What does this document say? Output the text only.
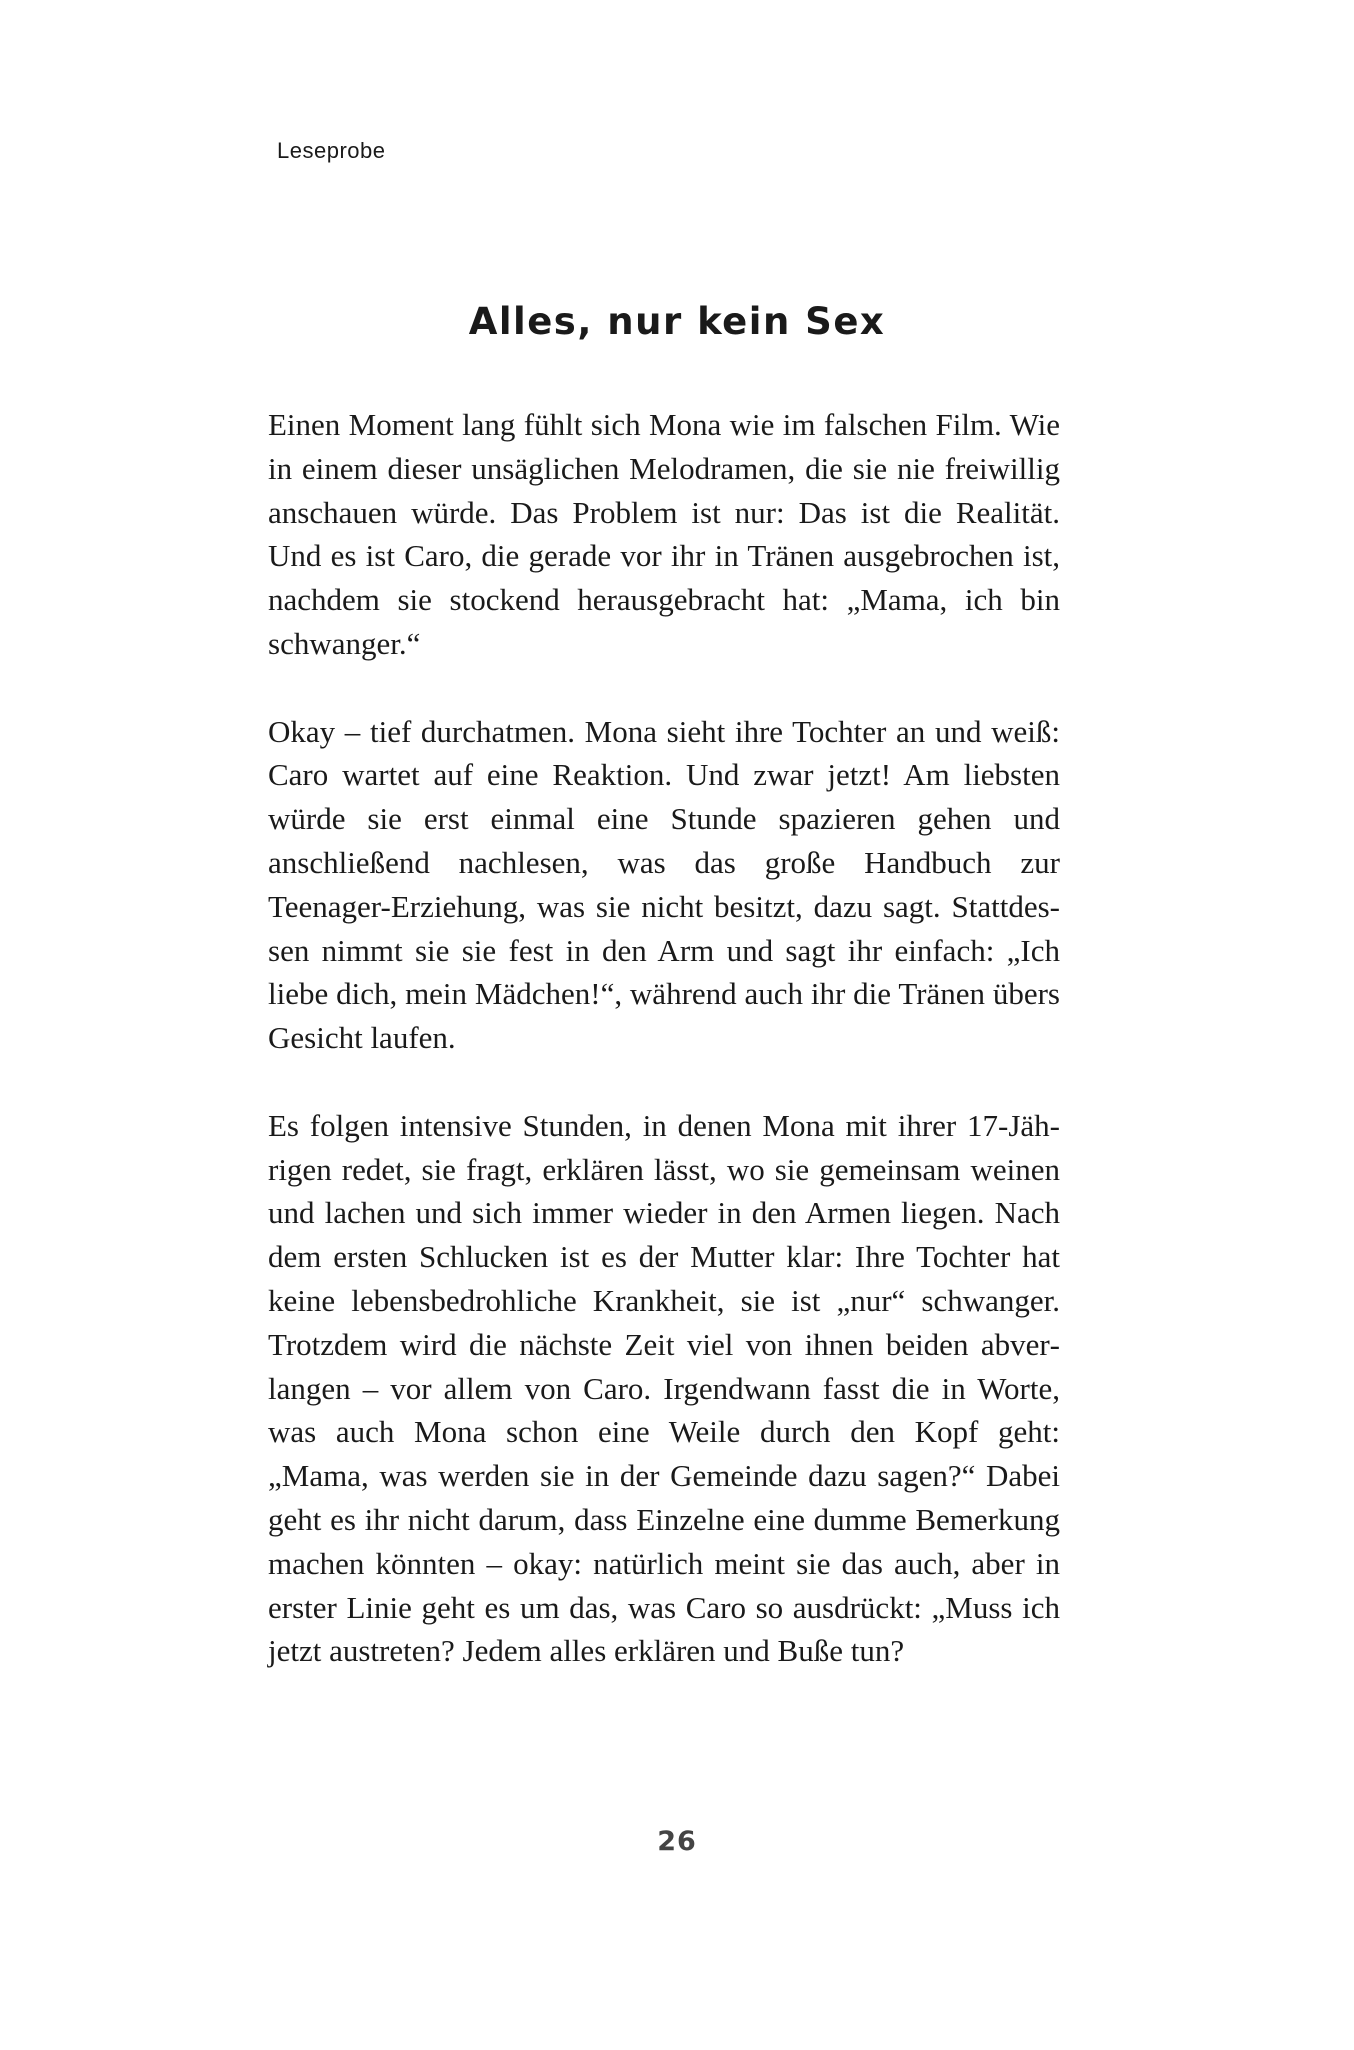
Leseprobe
Alles, nur kein Sex

Einen Moment lang fühlt sich Mona wie im falschen Film. Wie in einem dieser unsäglichen Melodramen, die sie nie freiwillig anschauen würde. Das Problem ist nur: Das ist die Realität. Und es ist Caro, die gerade vor ihr in Tränen ausgebrochen ist, nachdem sie stockend herausgebracht hat: „Mama, ich bin schwanger.“

Okay – tief durchatmen. Mona sieht ihre Tochter an und weiß: Caro wartet auf eine Reaktion. Und zwar jetzt! Am liebsten würde sie erst einmal eine Stunde spazieren gehen und anschließend nachlesen, was das große Handbuch zur Teenager-Erziehung, was sie nicht besitzt, dazu sagt. Stattdessen nimmt sie sie fest in den Arm und sagt ihr einfach: „Ich liebe dich, mein Mädchen!“, während auch ihr die Tränen übers Gesicht laufen.

Es folgen intensive Stunden, in denen Mona mit ihrer 17-Jährigen redet, sie fragt, erklären lässt, wo sie gemeinsam weinen und lachen und sich immer wieder in den Armen liegen. Nach dem ersten Schlucken ist es der Mutter klar: Ihre Tochter hat keine lebensbedrohliche Krankheit, sie ist „nur“ schwanger. Trotzdem wird die nächste Zeit viel von ihnen beiden abverlangen – vor allem von Caro. Irgendwann fasst die in Worte, was auch Mona schon eine Weile durch den Kopf geht: „Mama, was werden sie in der Gemeinde dazu sagen?“ Dabei geht es ihr nicht darum, dass Einzelne eine dumme Bemerkung machen könnten – okay: natürlich meint sie das auch, aber in erster Linie geht es um das, was Caro so ausdrückt: „Muss ich jetzt austreten? Jedem alles erklären und Buße tun?

26
